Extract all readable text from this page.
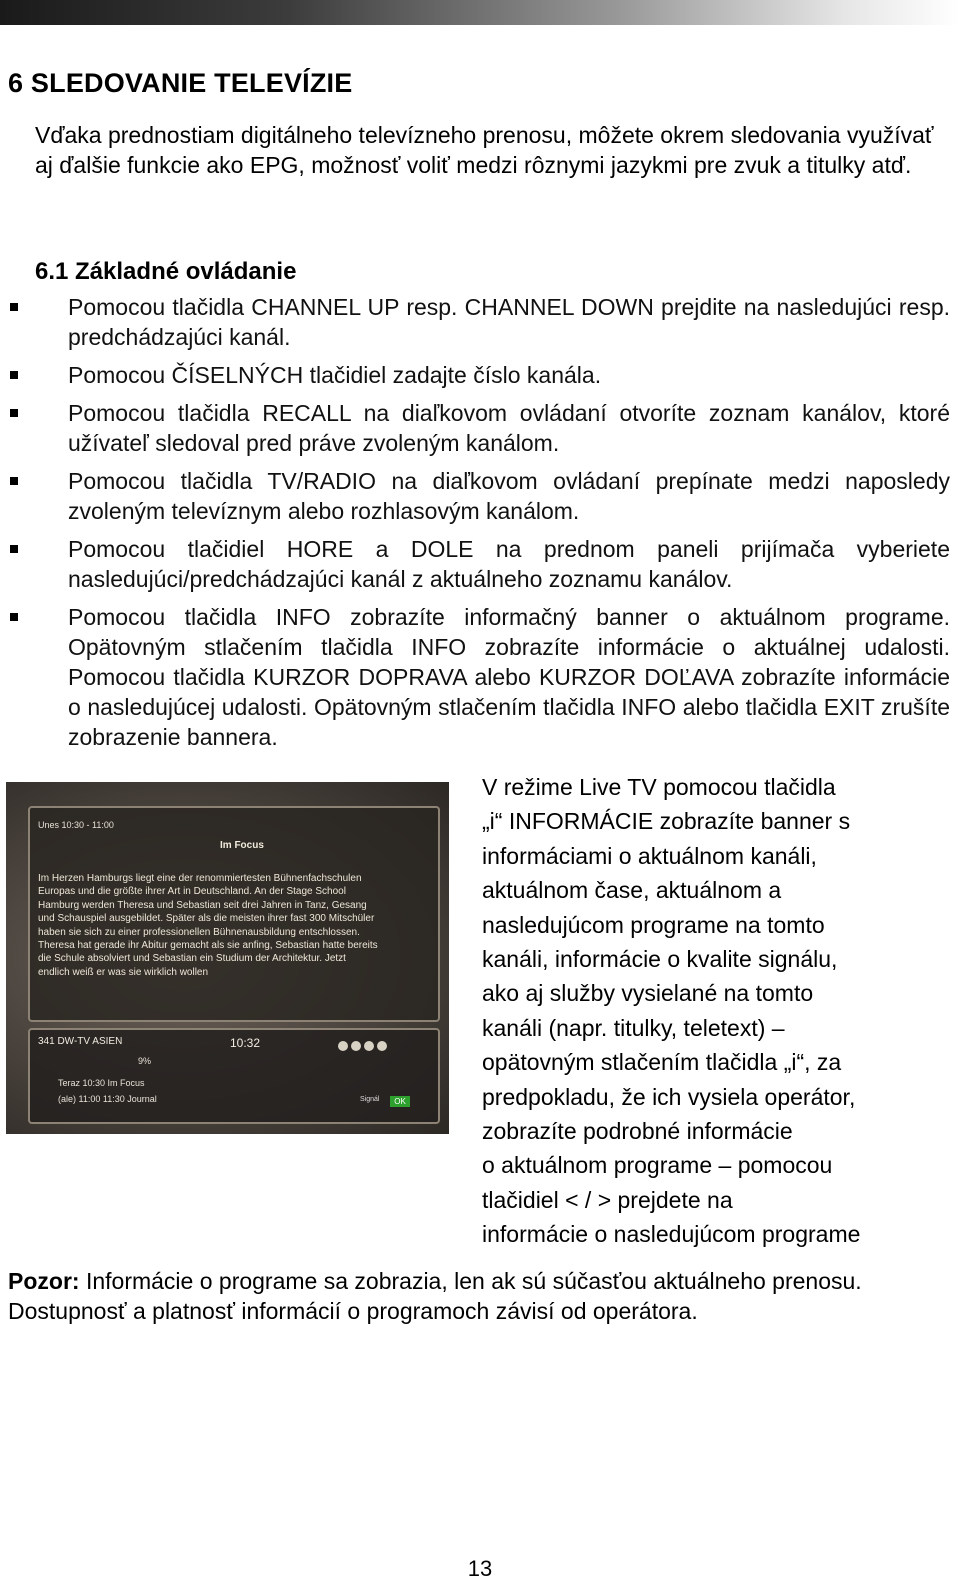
6 SLEDOVANIE TELEVÍZIE
Vďaka prednostiam digitálneho televízneho prenosu, môžete okrem sledovania využívať aj ďalšie funkcie ako EPG, možnosť voliť medzi rôznymi jazykmi pre zvuk a titulky atď.
6.1 Základné ovládanie
Pomocou tlačidla CHANNEL UP resp. CHANNEL DOWN prejdite na nasledujúci resp. predchádzajúci kanál.
Pomocou ČÍSELNÝCH tlačidiel zadajte číslo kanála.
Pomocou tlačidla RECALL na diaľkovom ovládaní otvoríte zoznam kanálov, ktoré užívateľ sledoval pred práve zvoleným kanálom.
Pomocou tlačidla TV/RADIO na diaľkovom ovládaní prepínate medzi naposledy zvoleným televíznym alebo rozhlasovým kanálom.
Pomocou tlačidiel HORE a DOLE na prednom paneli prijímača vyberiete nasledujúci/predchádzajúci kanál z aktuálneho zoznamu kanálov.
Pomocou tlačidla INFO zobrazíte informačný banner o aktuálnom programe. Opätovným stlačením tlačidla INFO zobrazíte informácie o aktuálnej udalosti. Pomocou tlačidla KURZOR DOPRAVA alebo KURZOR DOĽAVA zobrazíte informácie o nasledujúcej udalosti. Opätovným stlačením tlačidla INFO alebo tlačidla EXIT zrušíte zobrazenie bannera.
Unes 10:30 - 11:00
Im Focus
Im Herzen Hamburgs liegt eine der renommiertesten Bühnenfachschulen Europas und die größte ihrer Art in Deutschland. An der Stage School Hamburg werden Theresa und Sebastian seit drei Jahren in Tanz, Gesang und Schauspiel ausgebildet. Später als die meisten ihrer fast 300 Mitschüler haben sie sich zu einer professionellen Bühnenausbildung entschlossen. Theresa hat gerade ihr Abitur gemacht als sie anfing, Sebastian hatte bereits die Schule absolviert und Sebastian ein Studium der Architektur. Jetzt endlich weiß er was sie wirklich wollen
341 DW-TV ASIEN	10:32
9%
Teraz 10:30 Im Focus
(ale) 11:00 11:30 Journal	Signál	OK
V režime Live TV pomocou tlačidla
„i“ INFORMÁCIE zobrazíte banner s
informáciami o aktuálnom kanáli,
aktuálnom čase, aktuálnom a
nasledujúcom programe na tomto
kanáli, informácie o kvalite signálu,
ako aj služby vysielané na tomto
kanáli (napr. titulky, teletext) –
opätovným stlačením tlačidla „i“, za
predpokladu, že ich vysiela operátor,
zobrazíte podrobné informácie
o aktuálnom programe – pomocou
tlačidiel < / > prejdete na
informácie o nasledujúcom programe
Pozor: Informácie o programe sa zobrazia, len ak sú súčasťou aktuálneho prenosu. Dostupnosť a platnosť informácií o programoch závisí od operátora.
13
